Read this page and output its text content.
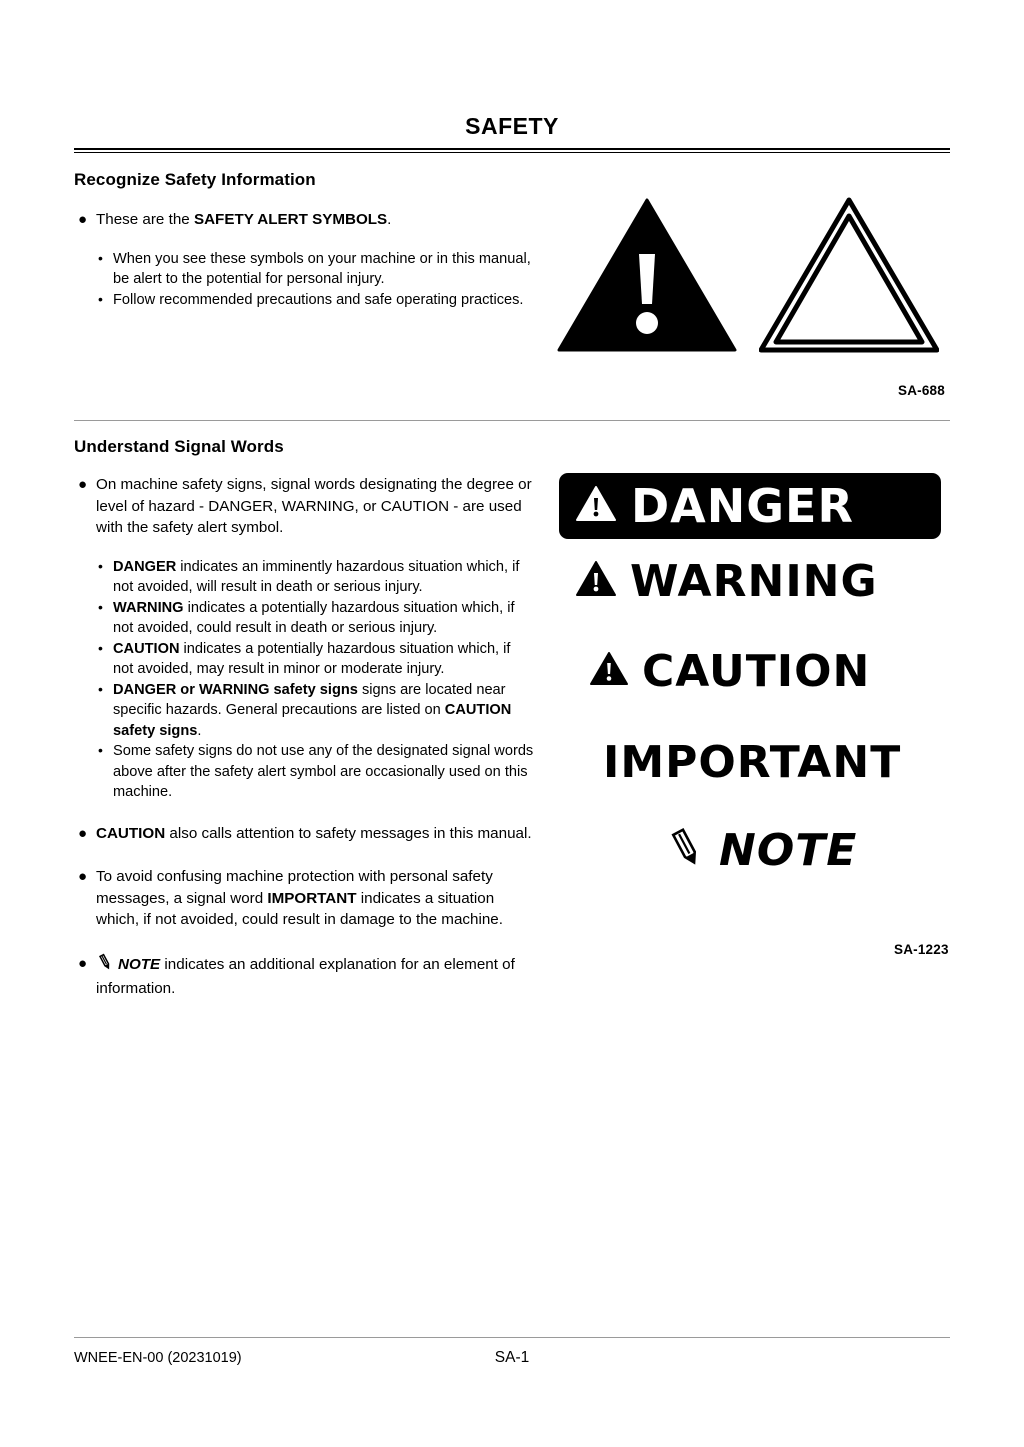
SAFETY
Recognize Safety Information
● These are the SAFETY ALERT SYMBOLS.
• When you see these symbols on your machine or in this manual, be alert to the potential for personal injury.
• Follow recommended precautions and safe operating practices.
SA-688
Understand Signal Words
● On machine safety signs, signal words designating the degree or level of hazard - DANGER, WARNING, or CAUTION - are used with the safety alert symbol.
• DANGER indicates an imminently hazardous situation which, if not avoided, will result in death or serious injury.
• WARNING indicates a potentially hazardous situation which, if not avoided, could result in death or serious injury.
• CAUTION indicates a potentially hazardous situation which, if not avoided, may result in minor or moderate injury.
• DANGER or WARNING safety signs signs are located near specific hazards. General precautions are listed on CAUTION safety signs.
• Some safety signs do not use any of the designated signal words above after the safety alert symbol are occasionally used on this machine.
● CAUTION also calls attention to safety messages in this manual.
● To avoid confusing machine protection with personal safety messages, a signal word IMPORTANT indicates a situation which, if not avoided, could result in damage to the machine.
● NOTE indicates an additional explanation for an element of information.
DANGER
WARNING
CAUTION
IMPORTANT
NOTE
SA-1223
WNEE-EN-00 (20231019)	SA-1
